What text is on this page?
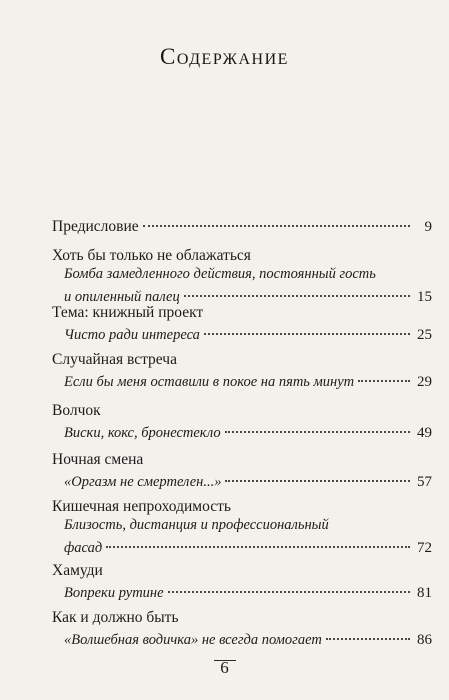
Содержание
Предисловие	9
Хоть бы только не облажаться
Бомба замедленного действия, постоянный гость
и опиленный палец	15
Тема: книжный проект
Чисто ради интереса	25
Случайная встреча
Если бы меня оставили в покое на пять минут	29
Волчок
Виски, кокс, бронестекло	49
Ночная смена
«Оргазм не смертелен...»	57
Кишечная непроходимость
Близость, дистанция и профессиональный
фасад	72
Хамуди
Вопреки рутине	81
Как и должно быть
«Волшебная водичка» не всегда помогает	86
6
